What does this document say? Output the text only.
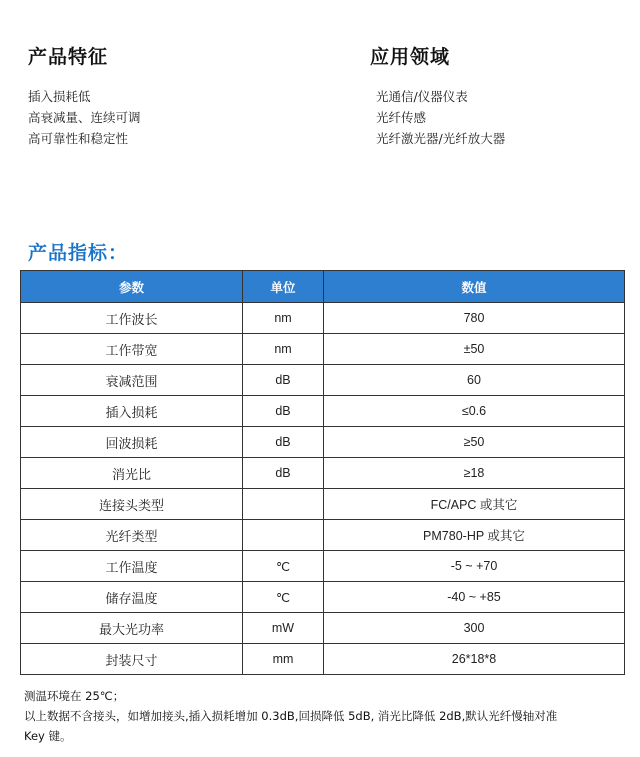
产品特征
插入损耗低
高衰减量、连续可调
高可靠性和稳定性
应用领域
光通信/仪器仪表
光纤传感
光纤激光器/光纤放大器
产品指标：
参数	单位	数值
工作波长	nm	780
工作带宽	nm	±50
衰减范围	dB	60
插入损耗	dB	≤0.6
回波损耗	dB	≥50
消光比	dB	≥18
连接头类型		FC/APC 或其它
光纤类型		PM780-HP 或其它
工作温度	℃	-5 ~ +70
储存温度	℃	-40 ~ +85
最大光功率	mW	300
封装尺寸	mm	26*18*8
测温环境在 25℃；
以上数据不含接头，如增加接头,插入损耗增加 0.3dB,回损降低 5dB, 消光比降低 2dB,默认光纤慢轴对准
Key 键。
